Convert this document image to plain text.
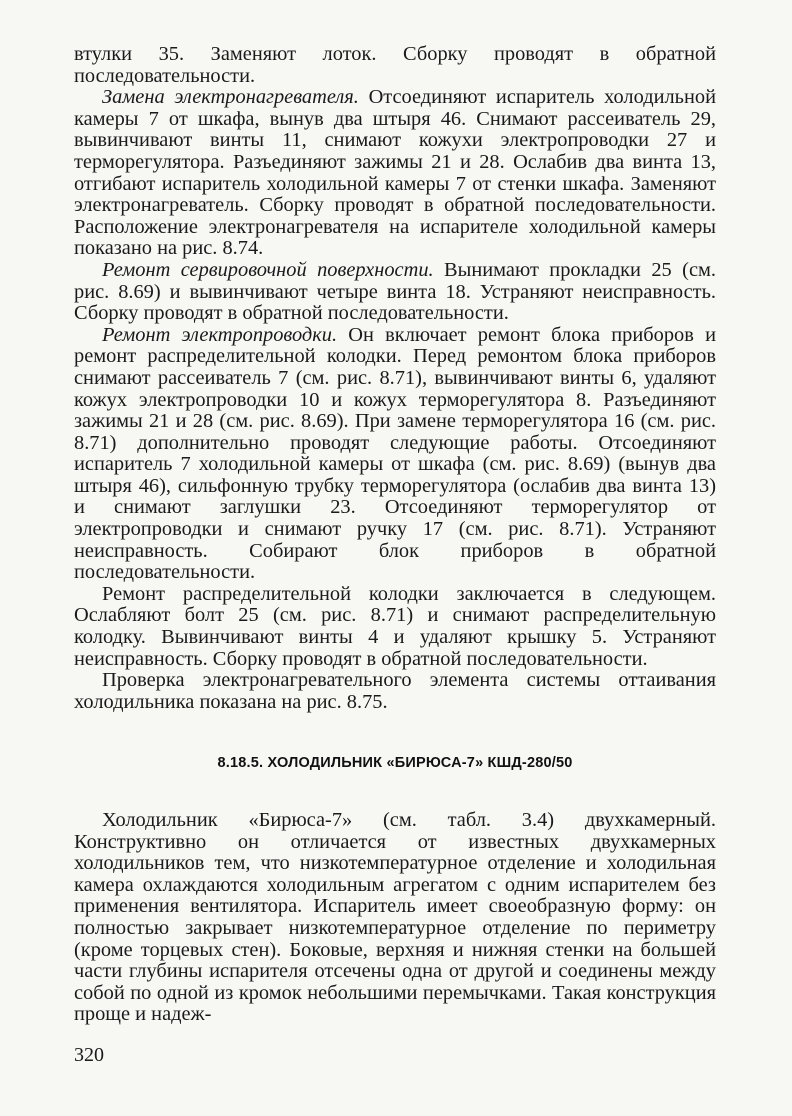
втулки 35. Заменяют лоток. Сборку проводят в обратной последовательности.

Замена электронагревателя. Отсоединяют испаритель холодильной камеры 7 от шкафа, вынув два штыря 46. Снимают рассеиватель 29, вывинчивают винты 11, снимают кожухи электропроводки 27 и терморегулятора. Разъединяют зажимы 21 и 28. Ослабив два винта 13, отгибают испаритель холодильной камеры 7 от стенки шкафа. Заменяют электронагреватель. Сборку проводят в обратной последовательности. Расположение электронагревателя на испарителе холодильной камеры показано на рис. 8.74.

Ремонт сервировочной поверхности. Вынимают прокладки 25 (см. рис. 8.69) и вывинчивают четыре винта 18. Устраняют неисправность. Сборку проводят в обратной последовательности.

Ремонт электропроводки. Он включает ремонт блока приборов и ремонт распределительной колодки. Перед ремонтом блока приборов снимают рассеиватель 7 (см. рис. 8.71), вывинчивают винты 6, удаляют кожух электропроводки 10 и кожух терморегулятора 8. Разъединяют зажимы 21 и 28 (см. рис. 8.69). При замене терморегулятора 16 (см. рис. 8.71) дополнительно проводят следующие работы. Отсоединяют испаритель 7 холодильной камеры от шкафа (см. рис. 8.69) (вынув два штыря 46), сильфонную трубку терморегулятора (ослабив два винта 13) и снимают заглушки 23. Отсоединяют терморегулятор от электропроводки и снимают ручку 17 (см. рис. 8.71). Устраняют неисправность. Собирают блок приборов в обратной последовательности.

Ремонт распределительной колодки заключается в следующем. Ослабляют болт 25 (см. рис. 8.71) и снимают распределительную колодку. Вывинчивают винты 4 и удаляют крышку 5. Устраняют неисправность. Сборку проводят в обратной последовательности.

Проверка электронагревательного элемента системы оттаивания холодильника показана на рис. 8.75.

8.18.5. ХОЛОДИЛЬНИК «БИРЮСА-7» КШД-280/50

Холодильник «Бирюса-7» (см. табл. 3.4) двухкамерный. Конструктивно он отличается от известных двухкамерных холодильников тем, что низкотемпературное отделение и холодильная камера охлаждаются холодильным агрегатом с одним испарителем без применения вентилятора. Испаритель имеет своеобразную форму: он полностью закрывает низкотемпературное отделение по периметру (кроме торцевых стен). Боковые, верхняя и нижняя стенки на большей части глубины испарителя отсечены одна от другой и соединены между собой по одной из кромок небольшими перемычками. Такая конструкция проще и надеж-

320
